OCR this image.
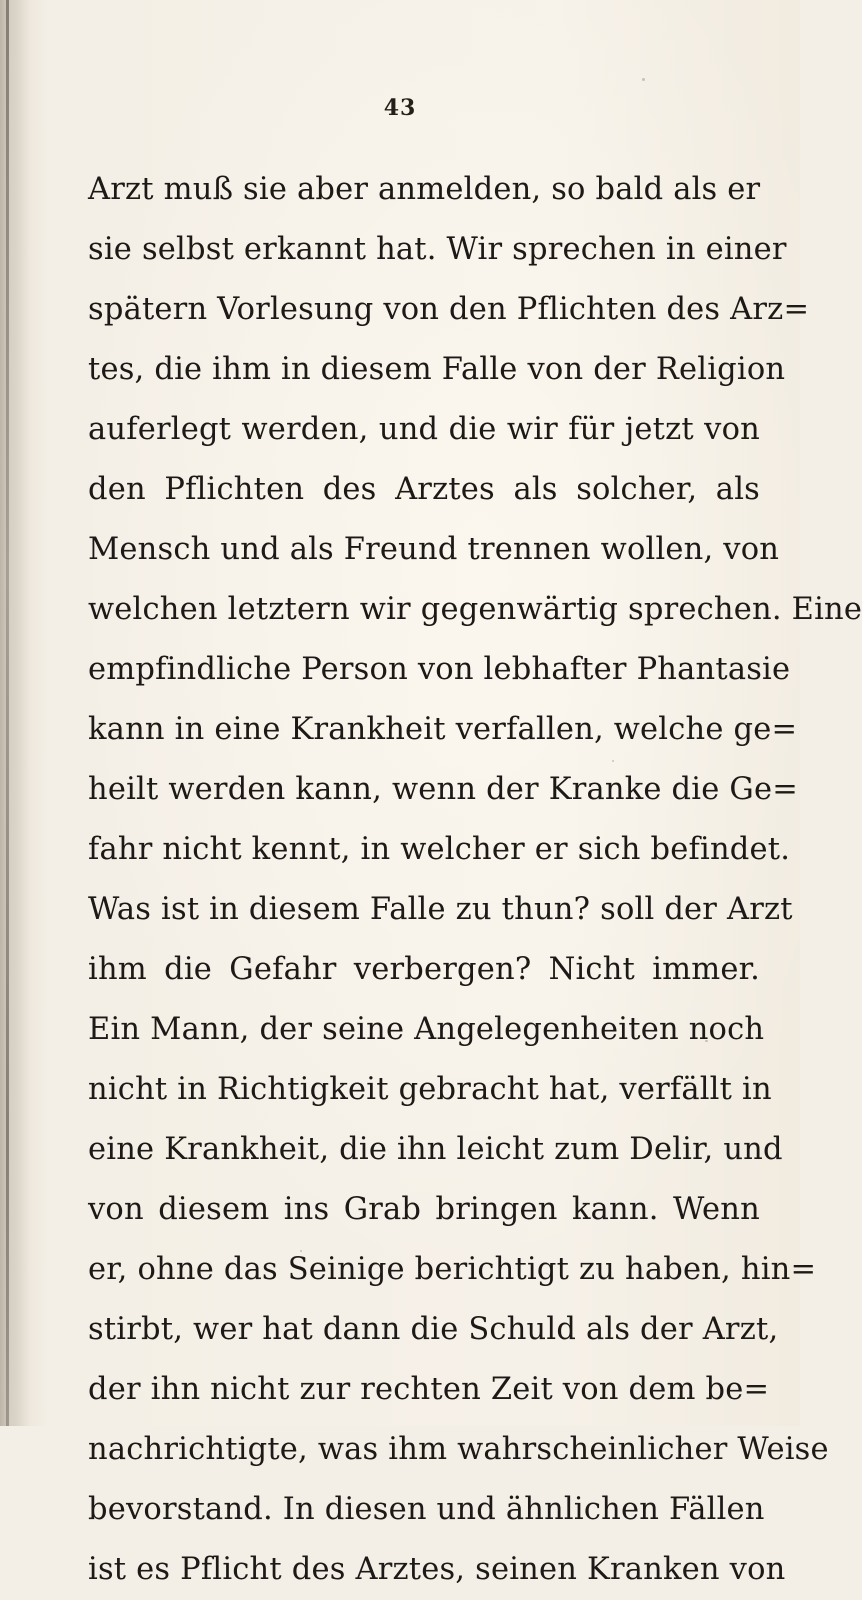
43
Arzt muß sie aber anmelden, so bald als er
sie selbst erkannt hat. Wir sprechen in einer
spätern Vorlesung von den Pflichten des Arz=
tes, die ihm in diesem Falle von der Religion
auferlegt werden, und die wir für jetzt von
den Pflichten des Arztes als solcher, als
Mensch und als Freund trennen wollen, von
welchen letztern wir gegenwärtig sprechen. Eine
empfindliche Person von lebhafter Phantasie
kann in eine Krankheit verfallen, welche ge=
heilt werden kann, wenn der Kranke die Ge=
fahr nicht kennt, in welcher er sich befindet.
Was ist in diesem Falle zu thun? soll der Arzt
ihm die Gefahr verbergen? Nicht immer.
Ein Mann, der seine Angelegenheiten noch
nicht in Richtigkeit gebracht hat, verfällt in
eine Krankheit, die ihn leicht zum Delir, und
von diesem ins Grab bringen kann. Wenn
er, ohne das Seinige berichtigt zu haben, hin=
stirbt, wer hat dann die Schuld als der Arzt,
der ihn nicht zur rechten Zeit von dem be=
nachrichtigte, was ihm wahrscheinlicher Weise
bevorstand. In diesen und ähnlichen Fällen
ist es Pflicht des Arztes, seinen Kranken von
